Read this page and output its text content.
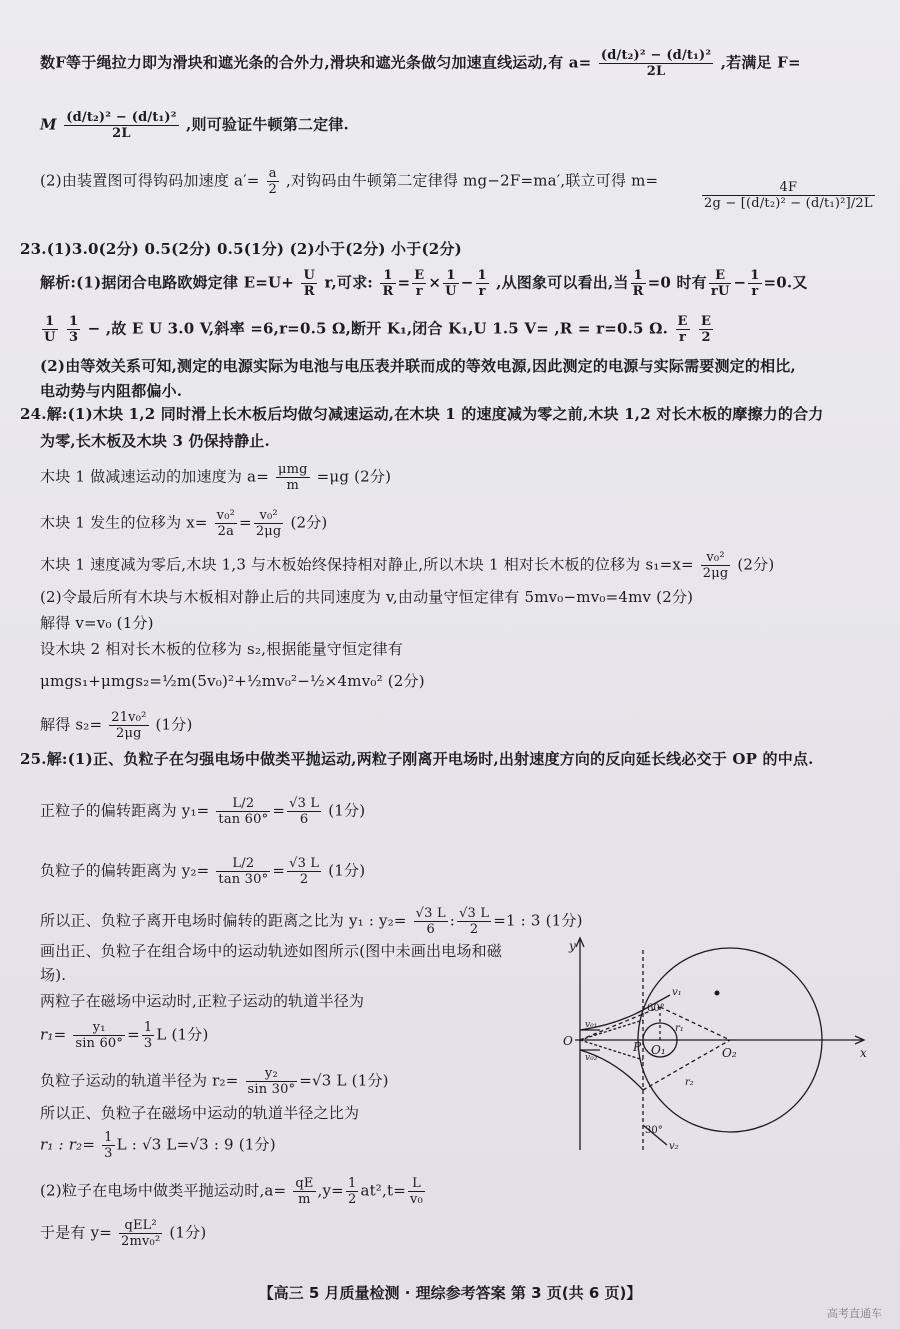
数F等于绳拉力即为滑块和遮光条的合外力,滑块和遮光条做匀加速直线运动,有 $a= \frac{\text{(d/t₂)² − (d/t₁)²}}{2L}$ ,若满足 F=
M $\frac{\text{(d/t₂)² − (d/t₁)²}}{2L}$ ,则可验证牛顿第二定律.
(2)由装置图可得钩码加速度 $a'= \frac{a}{2}$ ,对钩码由牛顿第二定律得 mg−2F=ma′,联立可得 m=	$\frac{4F}{\text{2g − [(d/t₂)² − (d/t₁)²]/2L}}$
23.(1)3.0(2分) 0.5(2分) 0.5(1分) (2)小于(2分) 小于(2分)
解析:(1)据闭合电路欧姆定律 $E=U+ \frac{U}{R} r$,可求: $\frac{1}{R} = \frac{E}{r} \times \frac{1}{U} - \frac{1}{r}$ ,从图象可以看出,当 $\frac{1}{R} =0$ 时有 $\frac{E}{rU} - \frac{1}{r} =0$.又
$\frac{1}{U}$
$\frac{1}{3}$ − ,故 E U 3.0 V,斜率 =6,r=0.5 Ω,断开 K₁,闭合 K₁,U 1.5 V= ,R = r=0.5 Ω. $\frac{E}{r}$
$\frac{E}{2}$
(2)由等效关系可知,测定的电源实际为电池与电压表并联而成的等效电源,因此测定的电源与实际需要测定的相比,
电动势与内阻都偏小.
24.解:(1)木块 1,2 同时滑上长木板后均做匀减速运动,在木块 1 的速度减为零之前,木块 1,2 对长木板的摩擦力的合力
为零,长木板及木块 3 仍保持静止.
木块 1 做减速运动的加速度为 $a= \frac{\text{μmg}}{m} =\mu g$ (2分)
木块 1 发生的位移为 $x= \frac{\text{v₀²}}{2a} = \frac{\text{v₀²}}{2\mu g} (2$分)
木块 1 速度减为零后,木块 1,3 与木板始终保持相对静止,所以木块 1 相对长木板的位移为 $s_1=x= \frac{\text{v₀²}}{2\mu g} (2$分)
(2)令最后所有木块与木板相对静止后的共同速度为 v,由动量守恒定律有 5mv₀−mv₀=4mv (2分)
解得 v=v₀ (1分)
设木块 2 相对长木板的位移为 s₂,根据能量守恒定律有
μmgs₁+μmgs₂=½m(5v₀)²+½mv₀²−½×4mv₀² (2分)
解得 $s_2= \frac{\text{21v₀²}}{2\mu g} (1$分)
25.解:(1)正、负粒子在匀强电场中做类平抛运动,两粒子刚离开电场时,出射速度方向的反向延长线必交于 OP 的中点.
正粒子的偏转距离为 $y_1= \frac{L/2}{\tan 60^\circ} = \frac{√3 L}{6} (1$分)
负粒子的偏转距离为 $y_2= \frac{L/2}{\tan 30^\circ} = \frac{√3 L}{2} (1$分)
所以正、负粒子离开电场时偏转的距离之比为 y₁ : $y_2= \frac{√3 L}{6}$ : $\frac{√3 L}{2} =1$ : 3 (1分)
画出正、负粒子在组合场中的运动轨迹如图所示(图中未画出电场和磁
场).
两粒子在磁场中运动时,正粒子运动的轨道半径为
$r_1= \frac{\text{y₁}}{\sin 60^\circ} = \frac{1}{3}$ L (1分)
负粒子运动的轨道半径为 $r_2= \frac{\text{y₂}}{\sin 30^\circ} =√3$ L (1分)
所以正、负粒子在磁场中运动的轨道半径之比为
r₁ : $r_2= \frac{1}{3}$ L : √3 L=√3 : 9 (1分)
(2)粒子在电场中做类平抛运动时$,a= \frac{qE}{m} ,y= \frac{1}{2} at^2,t= \frac{L}{\text{v₀}}$
于是有 $y= \frac{\text{qEL²}}{\text{2mv₀²}} (1$分)
y
x
O	P O₁	O₂
v₀₁
v₀₂
v₁
v₂
60°
30°
r₁
r₂
【高三 5 月质量检测 · 理综参考答案 第 3 页(共 6 页)】
高考直通车
